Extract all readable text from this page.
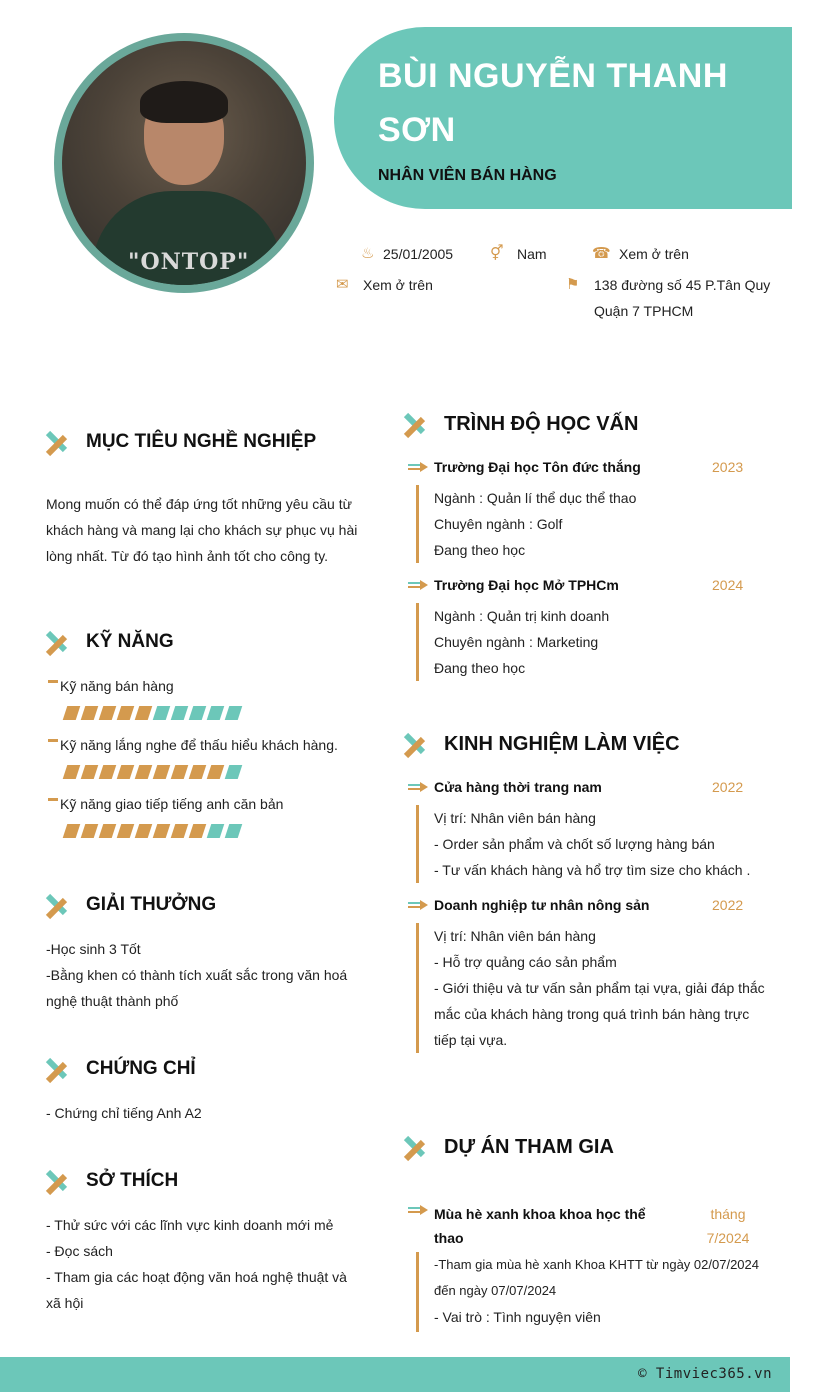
"ONTOP"
BÙI NGUYỄN THANH SƠN
NHÂN VIÊN BÁN HÀNG
♨ 25/01/2005 ⚥ Nam	☎ Xem ở trên
✉	Xem ở trên	⚑	138 đường số 45 P.Tân Quy
Quận 7 TPHCM
MỤC TIÊU NGHỀ NGHIỆP
Mong muốn có thể đáp ứng tốt những yêu cầu từ
khách hàng và mang lại cho khách sự phục vụ hài
lòng nhất. Từ đó tạo hình ảnh tốt cho công ty.
KỸ NĂNG
Kỹ năng bán hàng
Kỹ năng lắng nghe để thấu hiểu khách hàng.
Kỹ năng giao tiếp tiếng anh căn bản
GIẢI THƯỞNG
-Học sinh 3 Tốt
-Bằng khen có thành tích xuất sắc trong văn hoá
nghệ thuật thành phố
CHỨNG CHỈ
- Chứng chỉ tiếng Anh A2
SỞ THÍCH
- Thử sức với các lĩnh vực kinh doanh mới mẻ
- Đọc sách
- Tham gia các hoạt động văn hoá nghệ thuật và
xã hội
TRÌNH ĐỘ HỌC VẤN
Trường Đại học Tôn đức thắng	2023
Ngành : Quản lí thể dục thể thao
Chuyên ngành : Golf
Đang theo học
Trường Đại học Mở TPHCm	2024
Ngành : Quản trị kinh doanh
Chuyên ngành : Marketing
Đang theo học
KINH NGHIỆM LÀM VIỆC
Cửa hàng thời trang nam	2022
Vị trí: Nhân viên bán hàng
- Order sản phẩm và chốt số lượng hàng bán
- Tư vấn khách hàng và hổ trợ tìm size cho khách .
Doanh nghiệp tư nhân nông sản	2022
Vị trí: Nhân viên bán hàng
- Hỗ trợ quảng cáo sản phẩm
- Giới thiệu và tư vấn sản phẩm tại vựa, giải đáp thắc
mắc của khách hàng trong quá trình bán hàng trực
tiếp tại vựa.
DỰ ÁN THAM GIA
Mùa hè xanh khoa khoa học thể
thao
tháng
7/2024
-Tham gia mùa hè xanh Khoa KHTT từ ngày 02/07/2024
đến ngày 07/07/2024
- Vai trò : Tình nguyện viên
© Timviec365.vn
